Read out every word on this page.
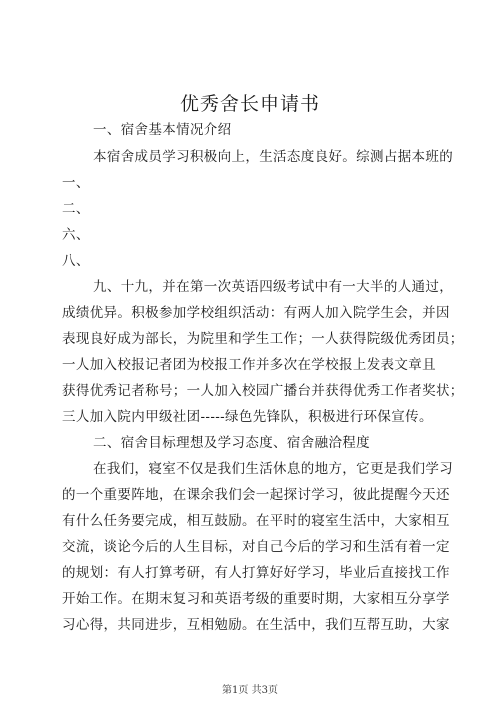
优秀舍长申请书
一、宿舍基本情况介绍
本宿舍成员学习积极向上，生活态度良好。综测占据本班的
一、
二、
六、
八、
九、十九，并在第一次英语四级考试中有一大半的人通过，
成绩优异。积极参加学校组织活动：有两人加入院学生会，并因
表现良好成为部长，为院里和学生工作；一人获得院级优秀团员；
一人加入校报记者团为校报工作并多次在学校报上发表文章且
获得优秀记者称号；一人加入校园广播台并获得优秀工作者奖状；
三人加入院内甲级社团-----绿色先锋队，积极进行环保宣传。
二、宿舍目标理想及学习态度、宿舍融洽程度
在我们，寝室不仅是我们生活休息的地方，它更是我们学习
的一个重要阵地，在课余我们会一起探讨学习，彼此提醒今天还
有什么任务要完成，相互鼓励。在平时的寝室生活中，大家相互
交流，谈论今后的人生目标，对自己今后的学习和生活有着一定
的规划：有人打算考研，有人打算好好学习，毕业后直接找工作
开始工作。在期末复习和英语考级的重要时期，大家相互分享学
习心得，共同进步，互相勉励。在生活中，我们互帮互助，大家
第1页 共3页
